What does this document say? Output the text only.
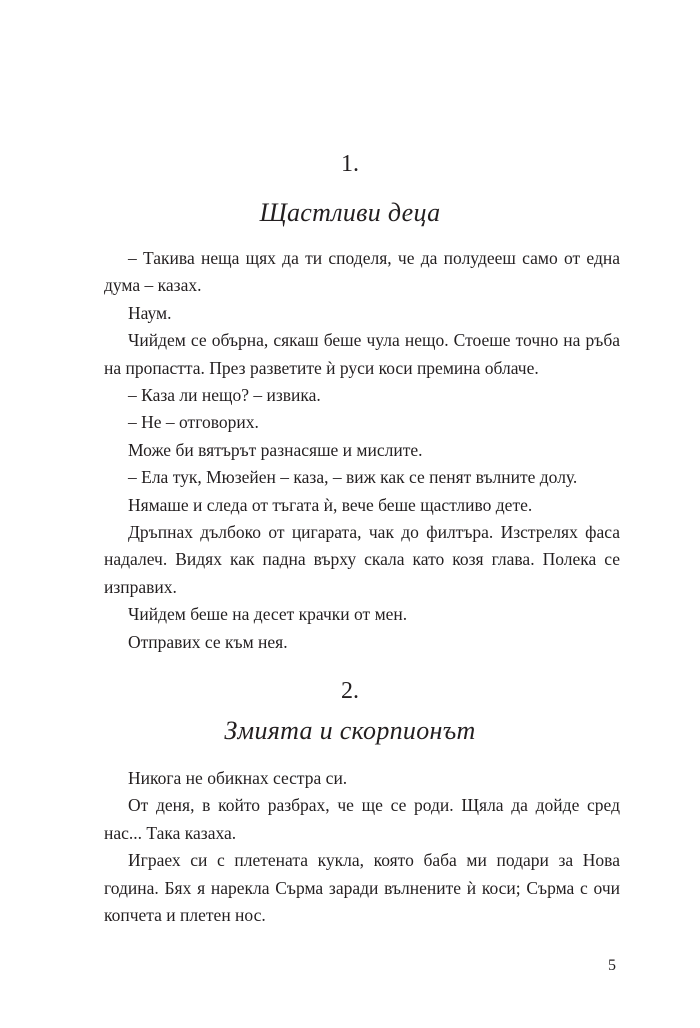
1.
Щастливи деца

– Такива неща щях да ти споделя, че да полудееш само от една дума – казах.

Наум.

Чийдем се обърна, сякаш беше чула нещо. Стоеше точно на ръба на пропастта. През разветите ѝ руси коси премина облаче.

– Каза ли нещо? – извика.

– Не – отговорих.

Може би вятърът разнасяше и мислите.

– Ела тук, Мюзейен – каза, – виж как се пенят вълните долу.

Нямаше и следа от тъгата ѝ, вече беше щастливо дете.

Дръпнах дълбоко от цигарата, чак до филтъра. Изстрелях фаса надалеч. Видях как падна върху скала като козя глава. Полека се изправих.

Чийдем беше на десет крачки от мен.

Отправих се към нея.

2.
Змията и скорпионът

Никога не обикнах сестра си.

От деня, в който разбрах, че ще се роди. Щяла да дойде сред нас... Така казаха.

Играех си с плетената кукла, която баба ми подари за Нова година. Бях я нарекла Сърма заради вълнените ѝ коси; Сърма с очи копчета и плетен нос.

5
